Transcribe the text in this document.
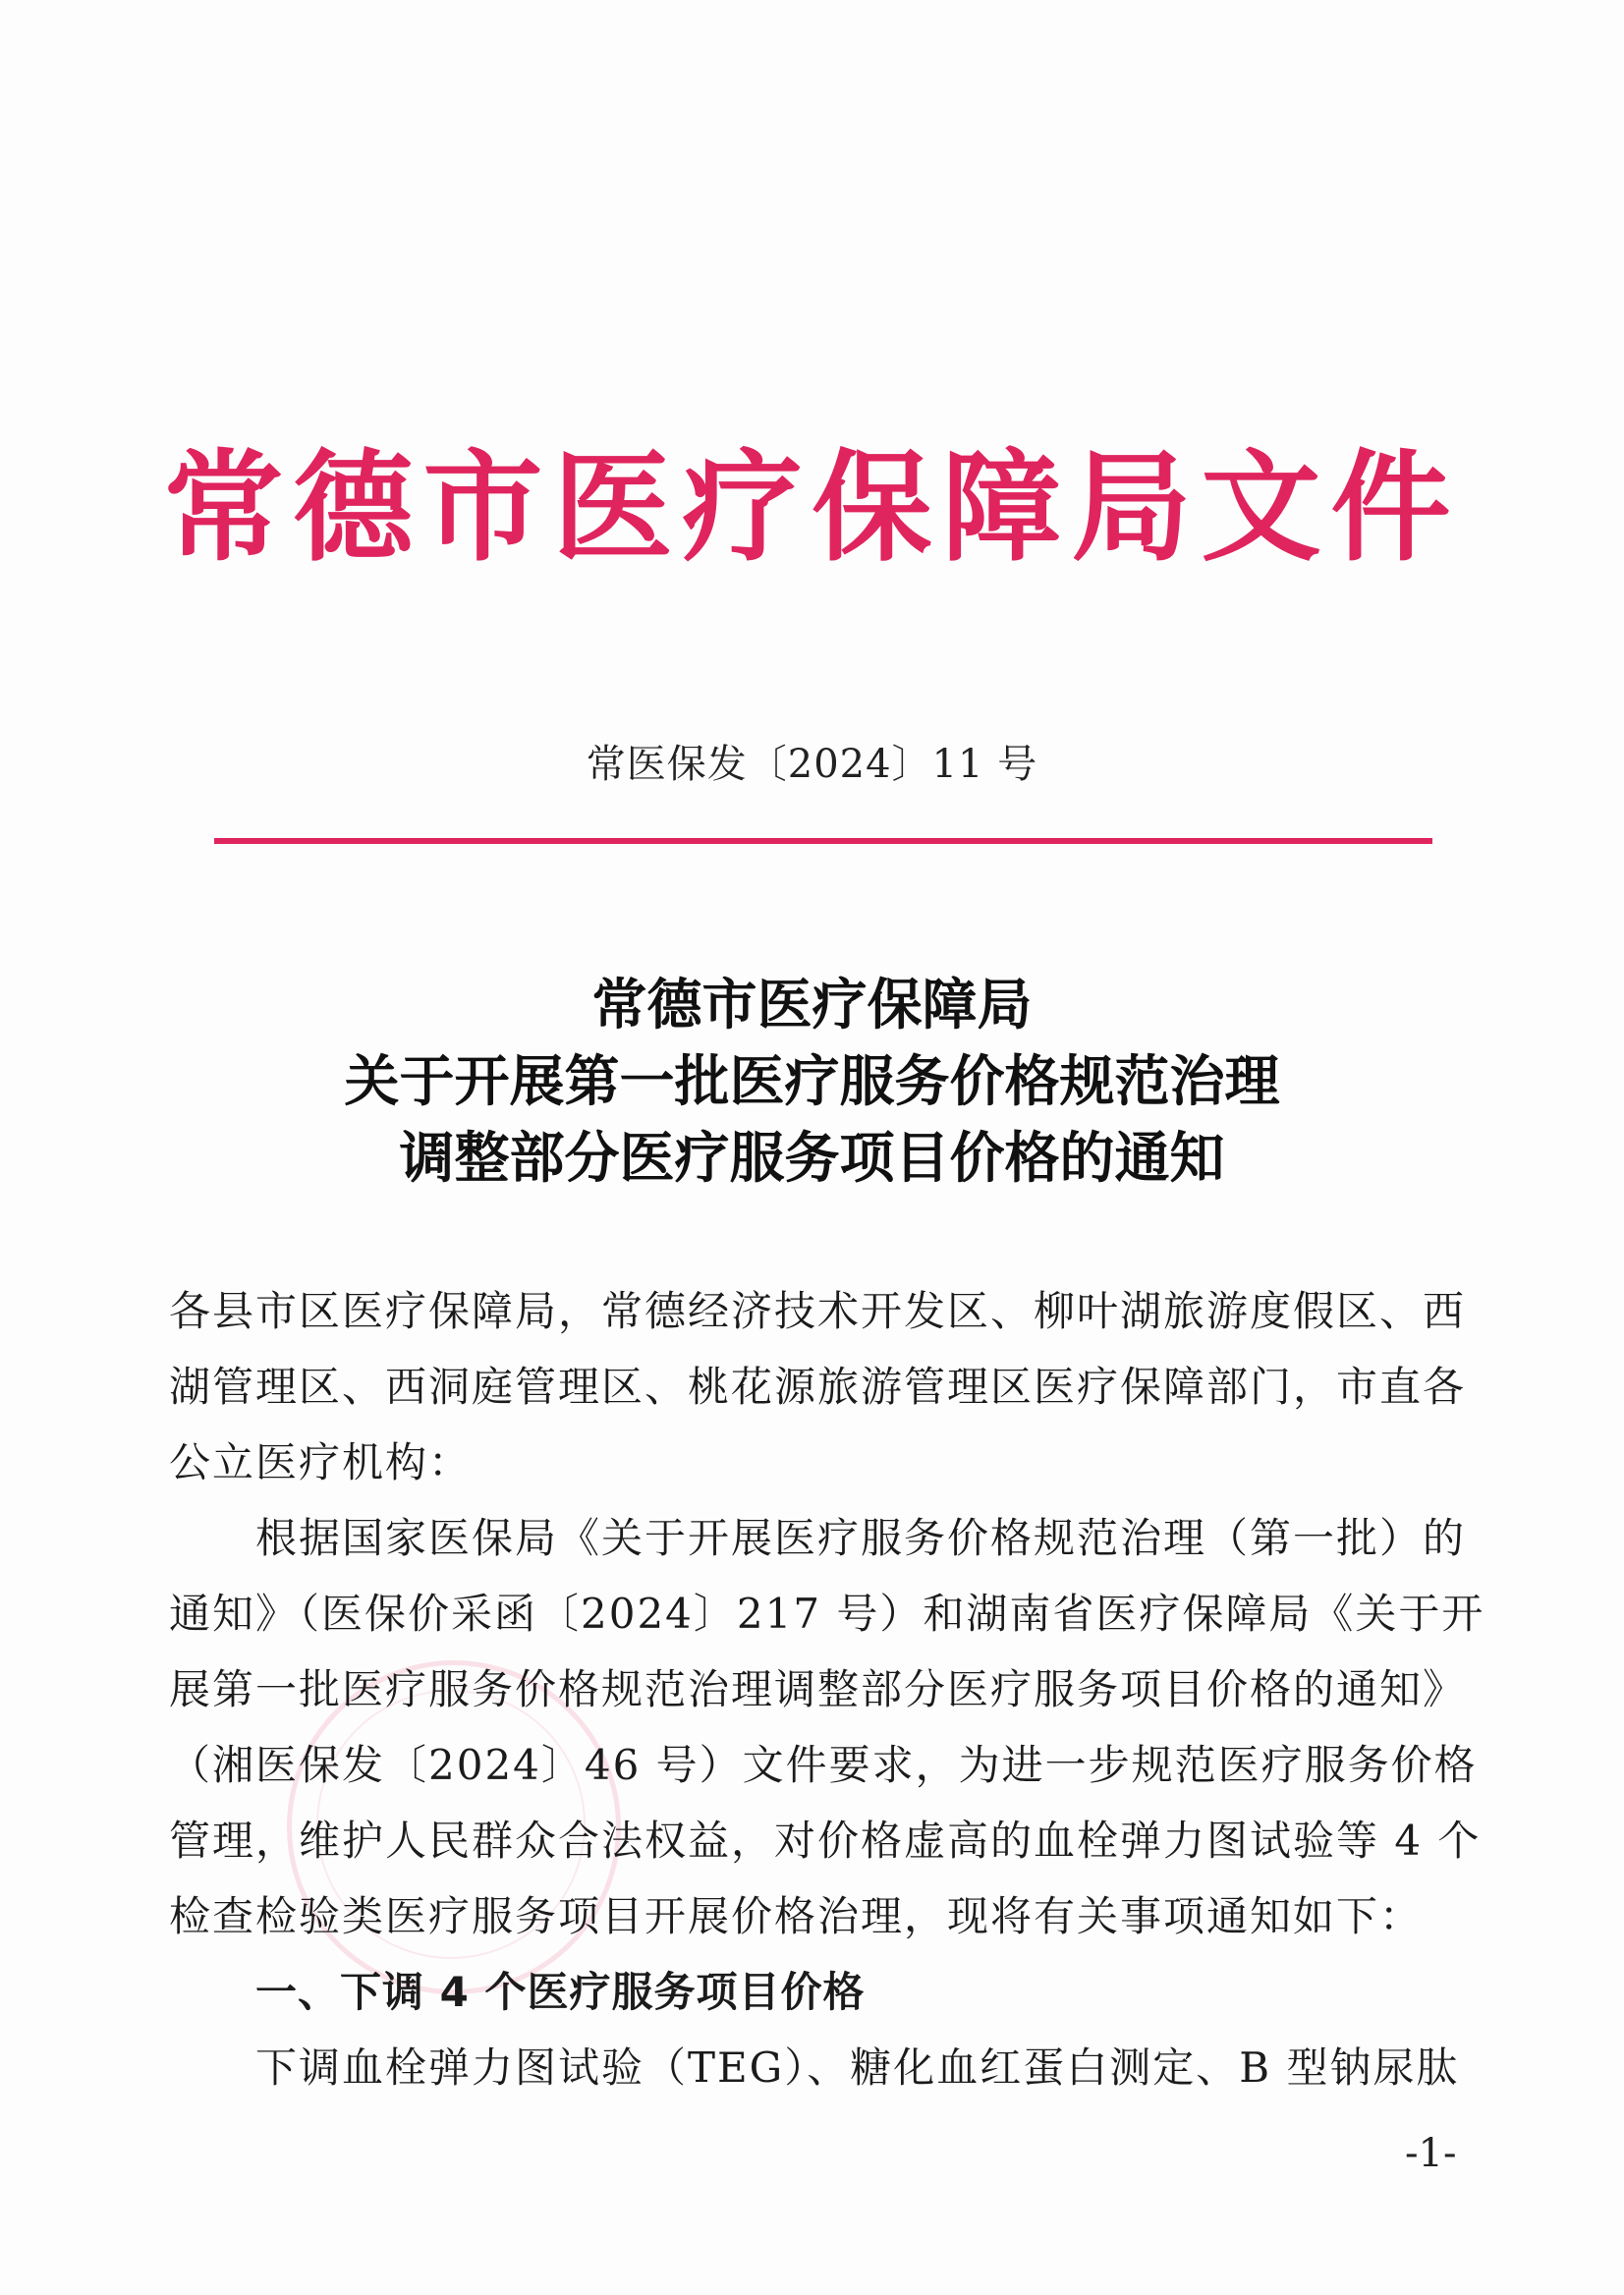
常德市医疗保障局文件
常医保发〔2024〕11 号
常德市医疗保障局
关于开展第一批医疗服务价格规范治理
调整部分医疗服务项目价格的通知
各县市区医疗保障局，常德经济技术开发区、柳叶湖旅游度假区、西
湖管理区、西洞庭管理区、桃花源旅游管理区医疗保障部门，市直各
公立医疗机构：
根据国家医保局《关于开展医疗服务价格规范治理（第一批）的
通知》（医保价采函〔2024〕217 号）和湖南省医疗保障局《关于开
展第一批医疗服务价格规范治理调整部分医疗服务项目价格的通知》
（湘医保发〔2024〕46 号）文件要求，为进一步规范医疗服务价格
管理，维护人民群众合法权益，对价格虚高的血栓弹力图试验等 4 个
检查检验类医疗服务项目开展价格治理，现将有关事项通知如下：
一、下调 4 个医疗服务项目价格
下调血栓弹力图试验（TEG）、糖化血红蛋白测定、B 型钠尿肽
-1-
